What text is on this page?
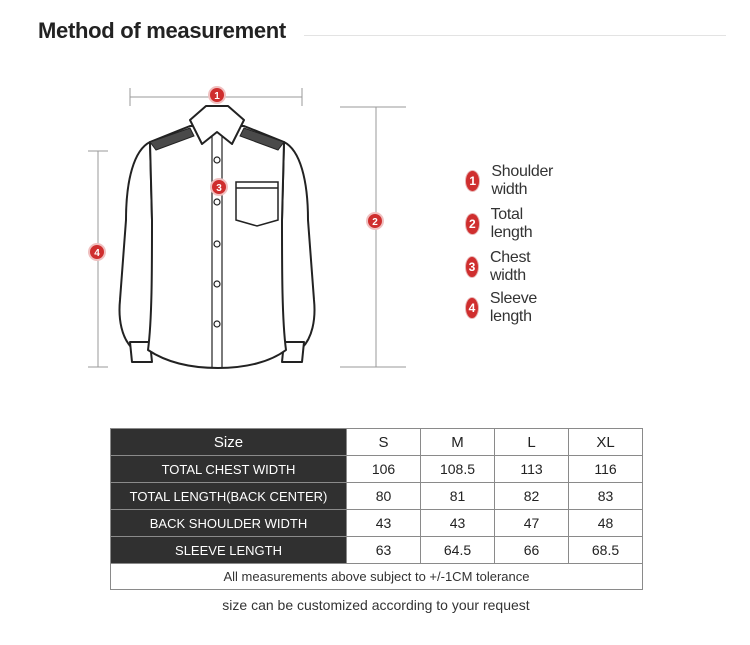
Method of measurement
1
2
3
4
1
Shoulder width
2
Total length
3
Chest width
4
Sleeve length
Size	S	M	L	XL
TOTAL CHEST WIDTH	106	108.5	113	116
TOTAL LENGTH(BACK CENTER)	80	81	82	83
BACK SHOULDER WIDTH	43	43	47	48
SLEEVE LENGTH	63	64.5	66	68.5
All measurements above subject to +/-1CM tolerance				
size can be customized according to your request
